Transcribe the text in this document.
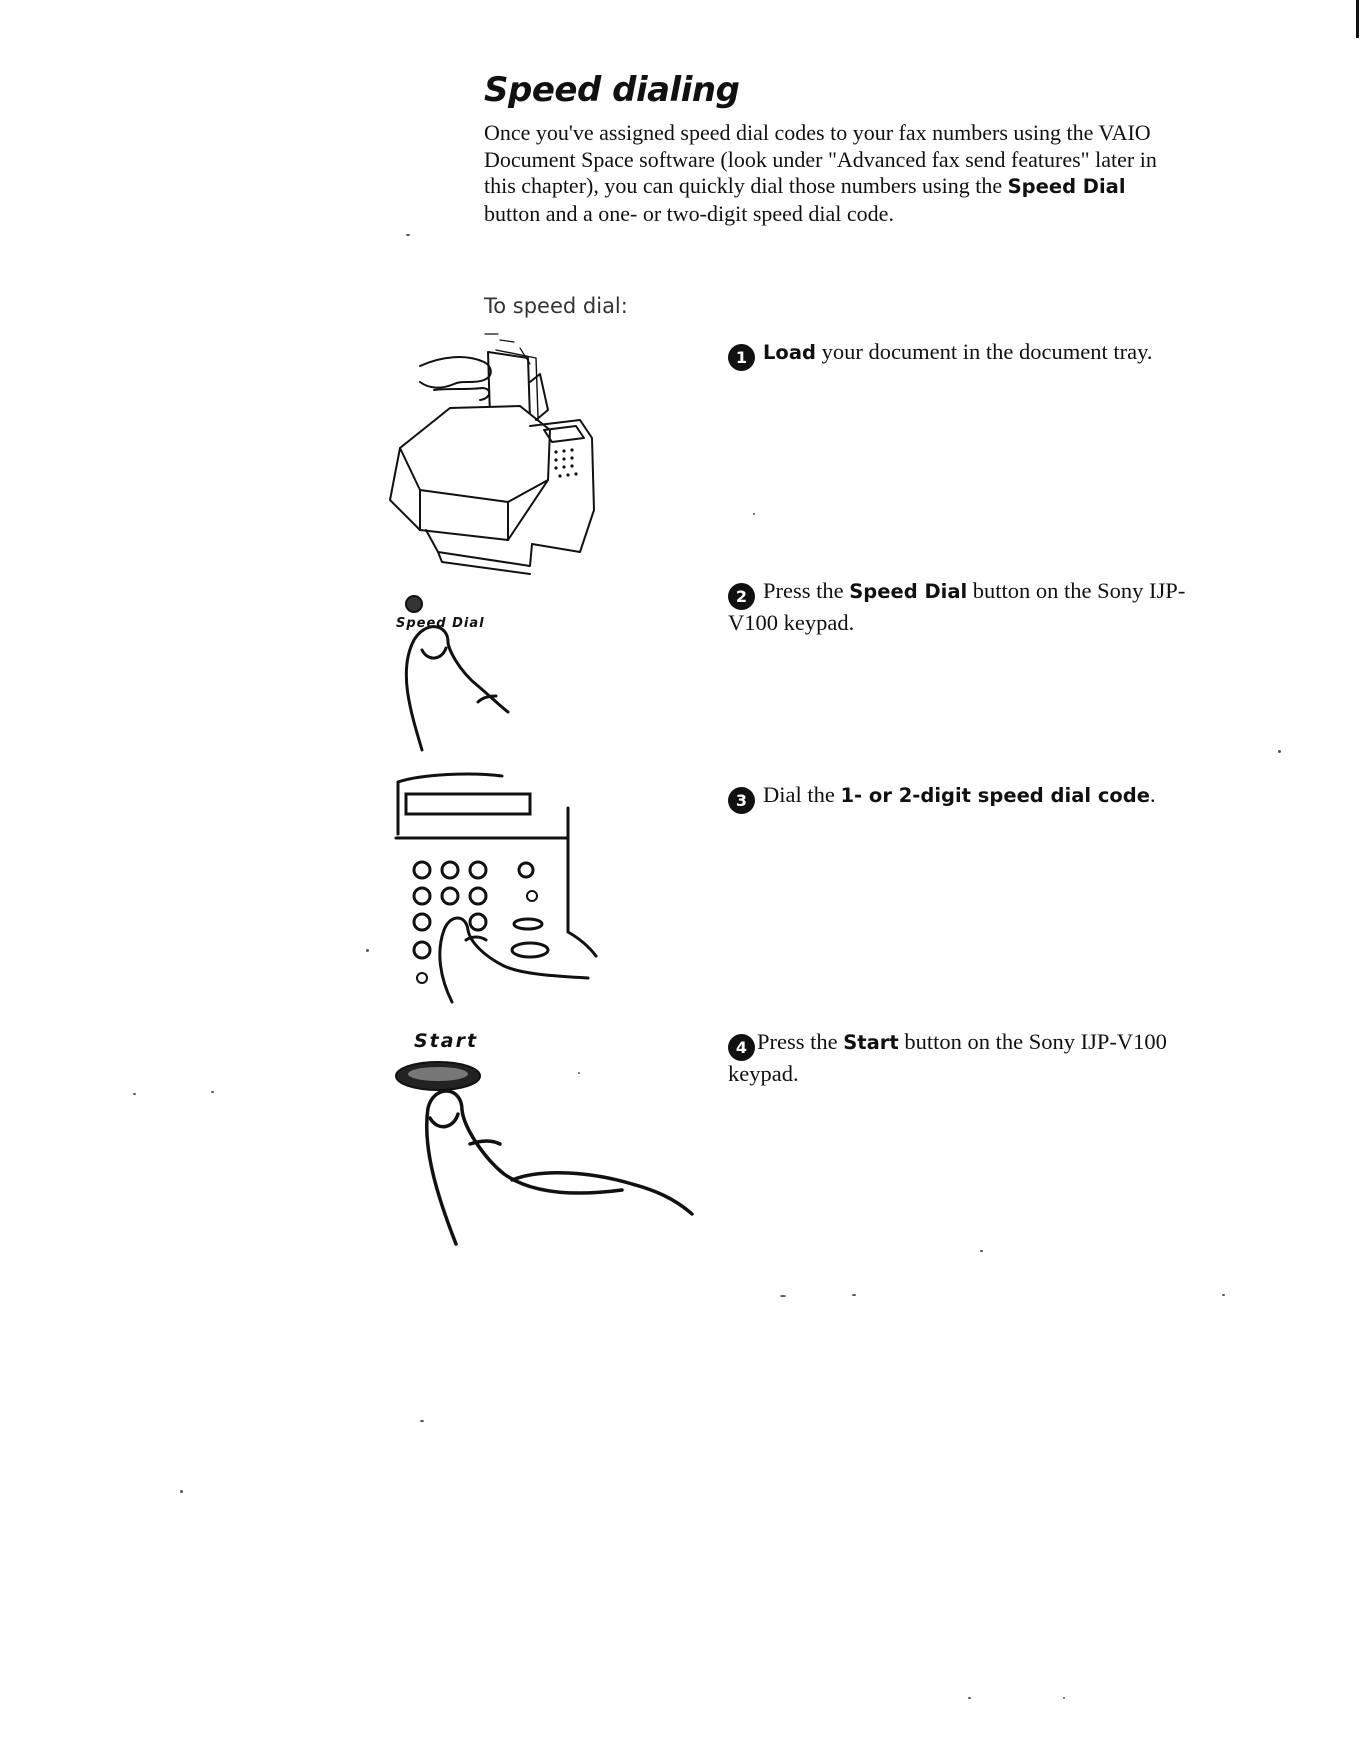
Speed dialing

Once you've assigned speed dial codes to your fax numbers using the VAIO Document Space software (look under "Advanced fax send features" later in this chapter), you can quickly dial those numbers using the Speed Dial button and a one- or two-digit speed dial code.

To speed dial:

1 Load your document in the document tray.

2 Press the Speed Dial button on the Sony IJP-V100 keypad.

3 Dial the 1- or 2-digit speed dial code.

4 Press the Start button on the Sony IJP-V100 keypad.

Speed Dial
Start
